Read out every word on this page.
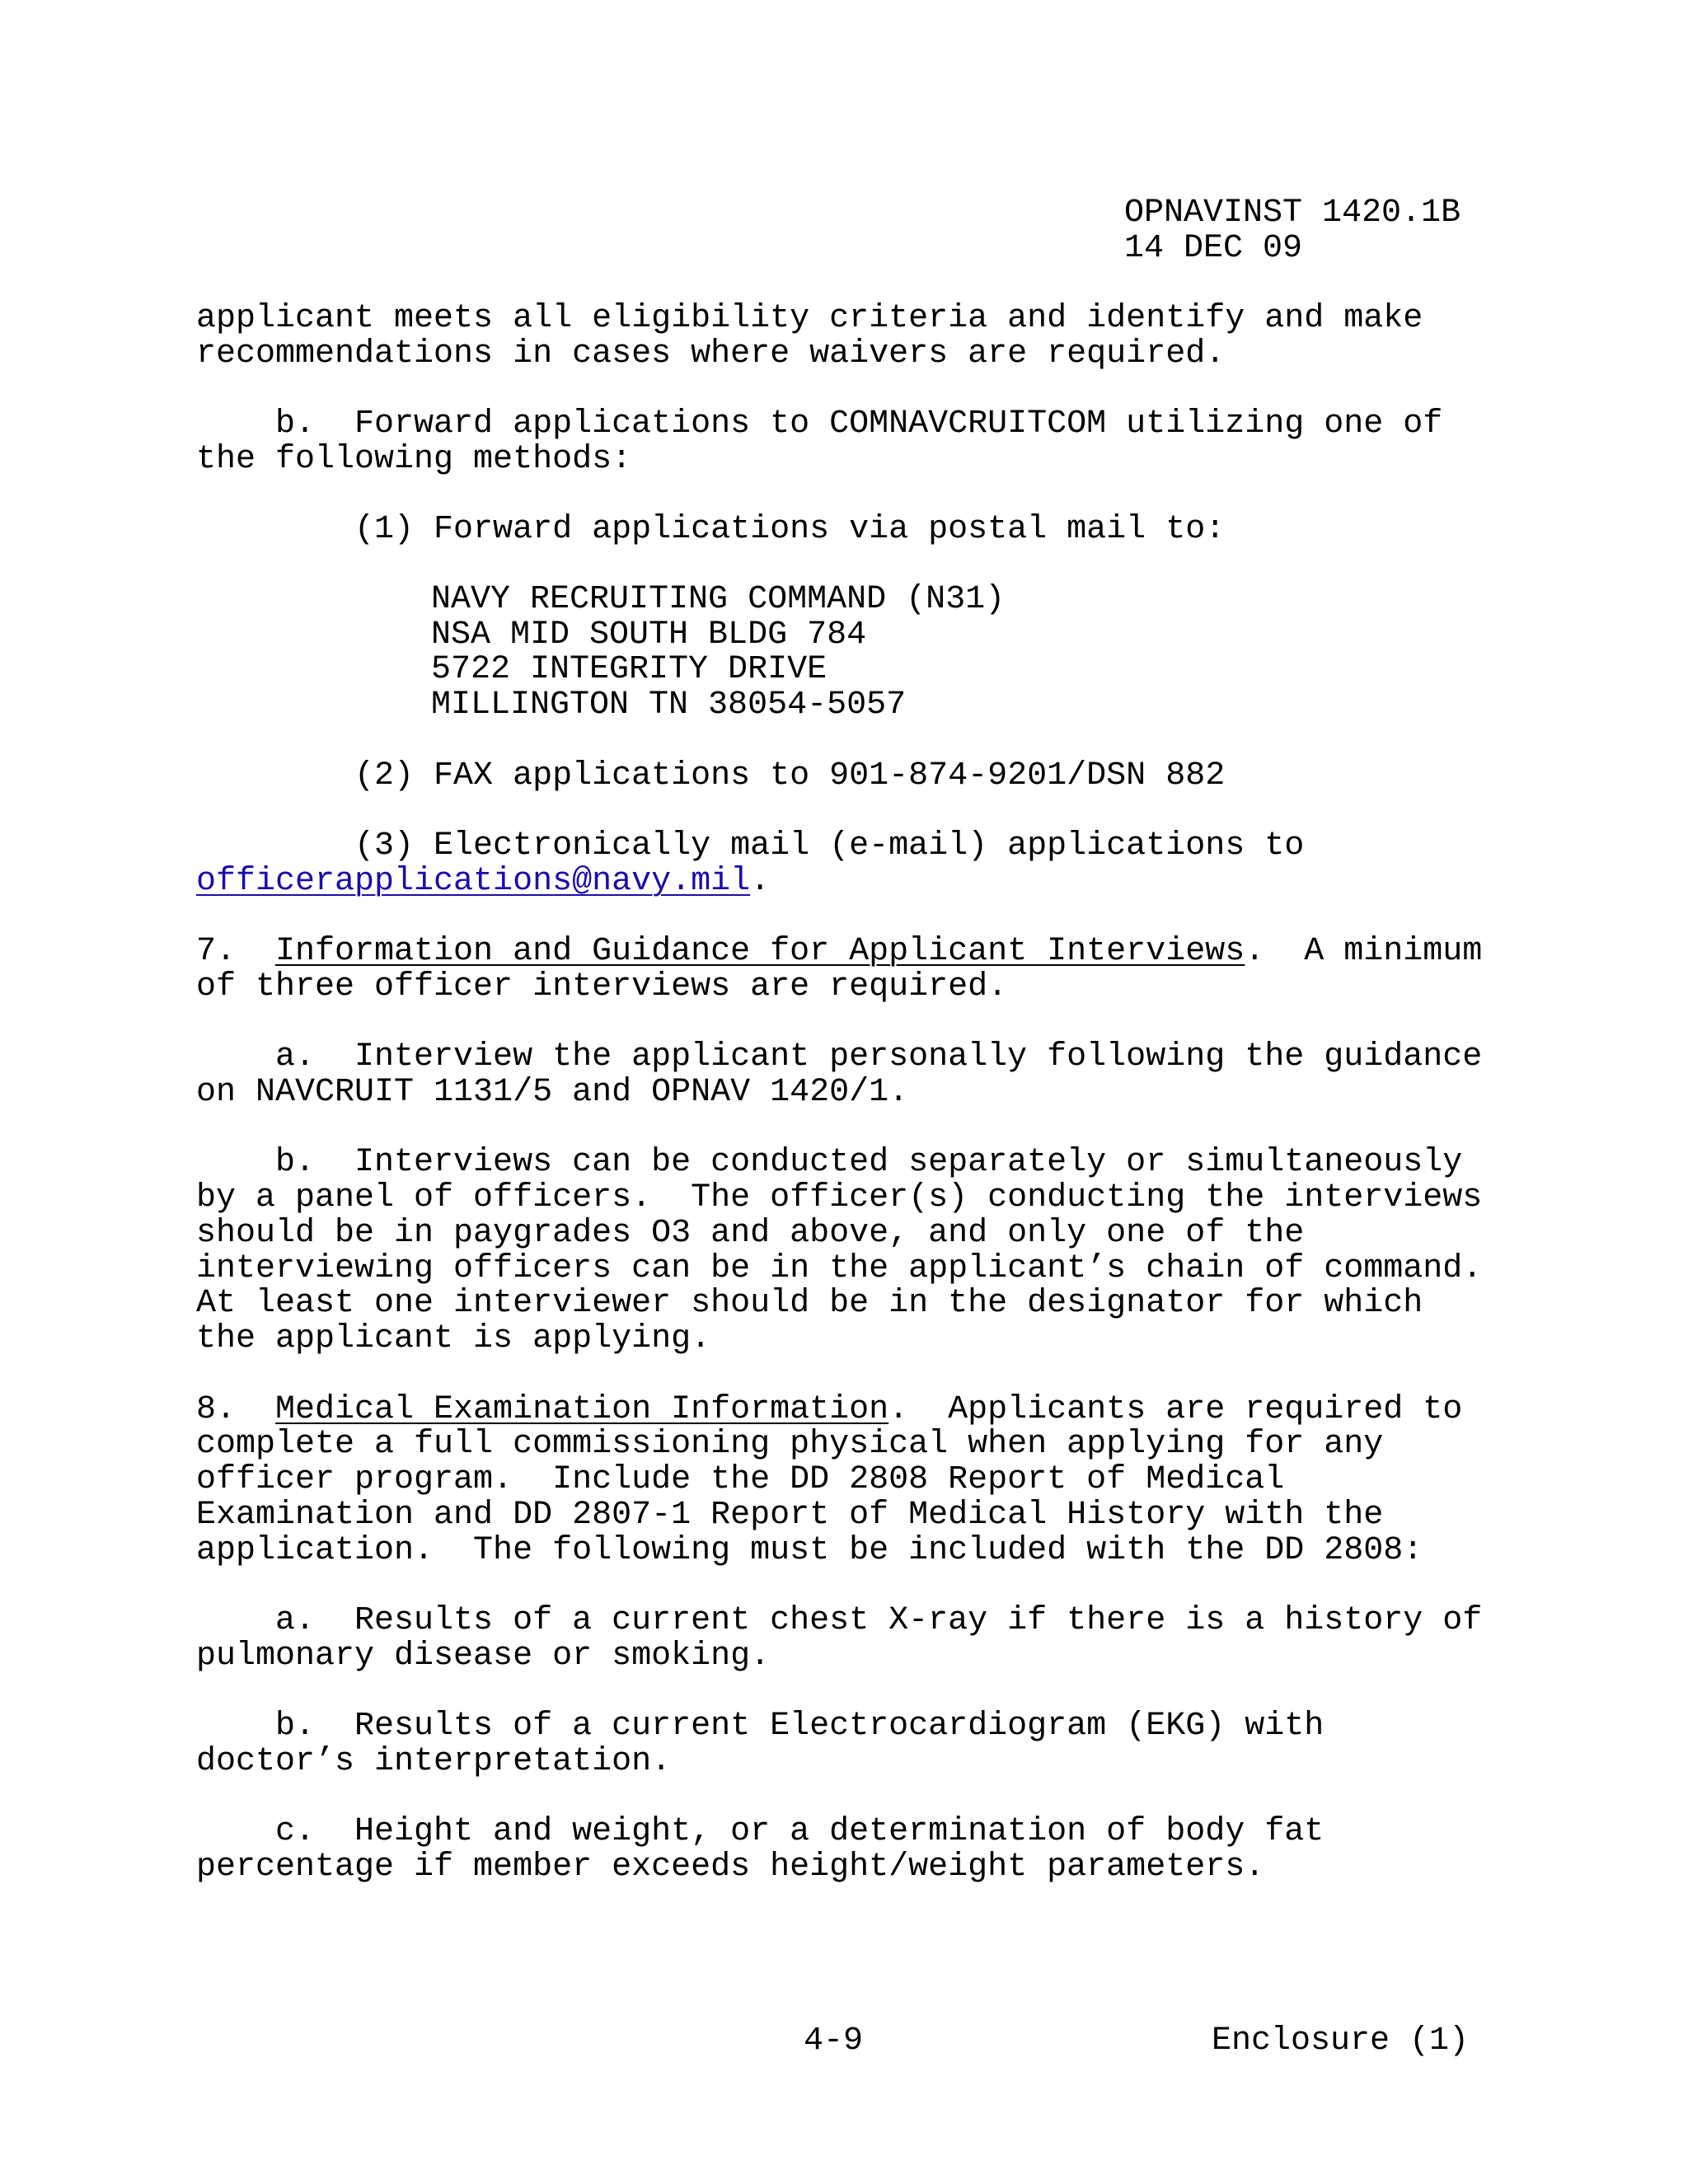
OPNAVINST 1420.1B

14 DEC 09

applicant meets all eligibility criteria and identify and make

recommendations in cases where waivers are required.

b.  Forward applications to COMNAVCRUITCOM utilizing one of

the following methods:

(1) Forward applications via postal mail to:

NAVY RECRUITING COMMAND (N31)

NSA MID SOUTH BLDG 784

5722 INTEGRITY DRIVE

MILLINGTON TN 38054-5057

(2) FAX applications to 901-874-9201/DSN 882

(3) Electronically mail (e-mail) applications to

officerapplications@navy.mil.

7.  Information and Guidance for Applicant Interviews.  A minimum

of three officer interviews are required.

a.  Interview the applicant personally following the guidance

on NAVCRUIT 1131/5 and OPNAV 1420/1.

b.  Interviews can be conducted separately or simultaneously

by a panel of officers.  The officer(s) conducting the interviews

should be in paygrades O3 and above, and only one of the

interviewing officers can be in the applicant’s chain of command.

At least one interviewer should be in the designator for which

the applicant is applying.

8.  Medical Examination Information.  Applicants are required to

complete a full commissioning physical when applying for any

officer program.  Include the DD 2808 Report of Medical

Examination and DD 2807-1 Report of Medical History with the

application.  The following must be included with the DD 2808:

a.  Results of a current chest X-ray if there is a history of

pulmonary disease or smoking.

b.  Results of a current Electrocardiogram (EKG) with

doctor’s interpretation.

c.  Height and weight, or a determination of body fat

percentage if member exceeds height/weight parameters.

4-9	Enclosure (1)
